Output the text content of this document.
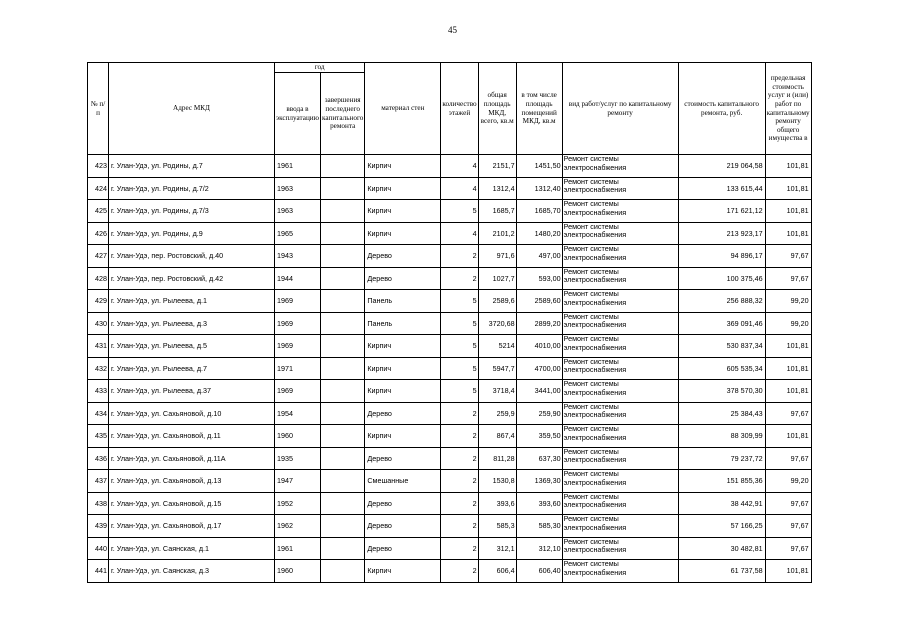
45
№ п/п	Адрес МКД	год		материал стен	количество этажей	общая площадь МКД, всего, кв.м	в том числе площадь помещений МКД, кв.м	вид работ/услуг по капитальному ремонту	стоимость капитального ремонта, руб.	предельная стоимость услуг и (или) работ по капитальному ремонту общего имущества в
		ввода в эксплуатацию	завершения последнего капитального ремонта							
423	г. Улан-Удэ, ул. Родины, д.7	1961		Кирпич	4	2151,7	1451,50	Ремонт системы электроснабжения	219 064,58	101,81
424	г. Улан-Удэ, ул. Родины, д.7/2	1963		Кирпич	4	1312,4	1312,40	Ремонт системы электроснабжения	133 615,44	101,81
425	г. Улан-Удэ, ул. Родины, д.7/3	1963		Кирпич	5	1685,7	1685,70	Ремонт системы электроснабжения	171 621,12	101,81
426	г. Улан-Удэ, ул. Родины, д.9	1965		Кирпич	4	2101,2	1480,20	Ремонт системы электроснабжения	213 923,17	101,81
427	г. Улан-Удэ, пер. Ростовский, д.40	1943		Дерево	2	971,6	497,00	Ремонт системы электроснабжения	94 896,17	97,67
428	г. Улан-Удэ, пер. Ростовский, д.42	1944		Дерево	2	1027,7	593,00	Ремонт системы электроснабжения	100 375,46	97,67
429	г. Улан-Удэ, ул. Рылеева, д.1	1969		Панель	5	2589,6	2589,60	Ремонт системы электроснабжения	256 888,32	99,20
430	г. Улан-Удэ, ул. Рылеева, д.3	1969		Панель	5	3720,68	2899,20	Ремонт системы электроснабжения	369 091,46	99,20
431	г. Улан-Удэ, ул. Рылеева, д.5	1969		Кирпич	5	5214	4010,00	Ремонт системы электроснабжения	530 837,34	101,81
432	г. Улан-Удэ, ул. Рылеева, д.7	1971		Кирпич	5	5947,7	4700,00	Ремонт системы электроснабжения	605 535,34	101,81
433	г. Улан-Удэ, ул. Рылеева, д.37	1969		Кирпич	5	3718,4	3441,00	Ремонт системы электроснабжения	378 570,30	101,81
434	г. Улан-Удэ, ул. Сахьяновой, д.10	1954		Дерево	2	259,9	259,90	Ремонт системы электроснабжения	25 384,43	97,67
435	г. Улан-Удэ, ул. Сахьяновой, д.11	1960		Кирпич	2	867,4	359,50	Ремонт системы электроснабжения	88 309,99	101,81
436	г. Улан-Удэ, ул. Сахьяновой, д.11А	1935		Дерево	2	811,28	637,30	Ремонт системы электроснабжения	79 237,72	97,67
437	г. Улан-Удэ, ул. Сахьяновой, д.13	1947		Смешанные	2	1530,8	1369,30	Ремонт системы электроснабжения	151 855,36	99,20
438	г. Улан-Удэ, ул. Сахьяновой, д.15	1952		Дерево	2	393,6	393,60	Ремонт системы электроснабжения	38 442,91	97,67
439	г. Улан-Удэ, ул. Сахьяновой, д.17	1962		Дерево	2	585,3	585,30	Ремонт системы электроснабжения	57 166,25	97,67
440	г. Улан-Удэ, ул. Саянская, д.1	1961		Дерево	2	312,1	312,10	Ремонт системы электроснабжения	30 482,81	97,67
441	г. Улан-Удэ, ул. Саянская, д.3	1960		Кирпич	2	606,4	606,40	Ремонт системы электроснабжения	61 737,58	101,81
